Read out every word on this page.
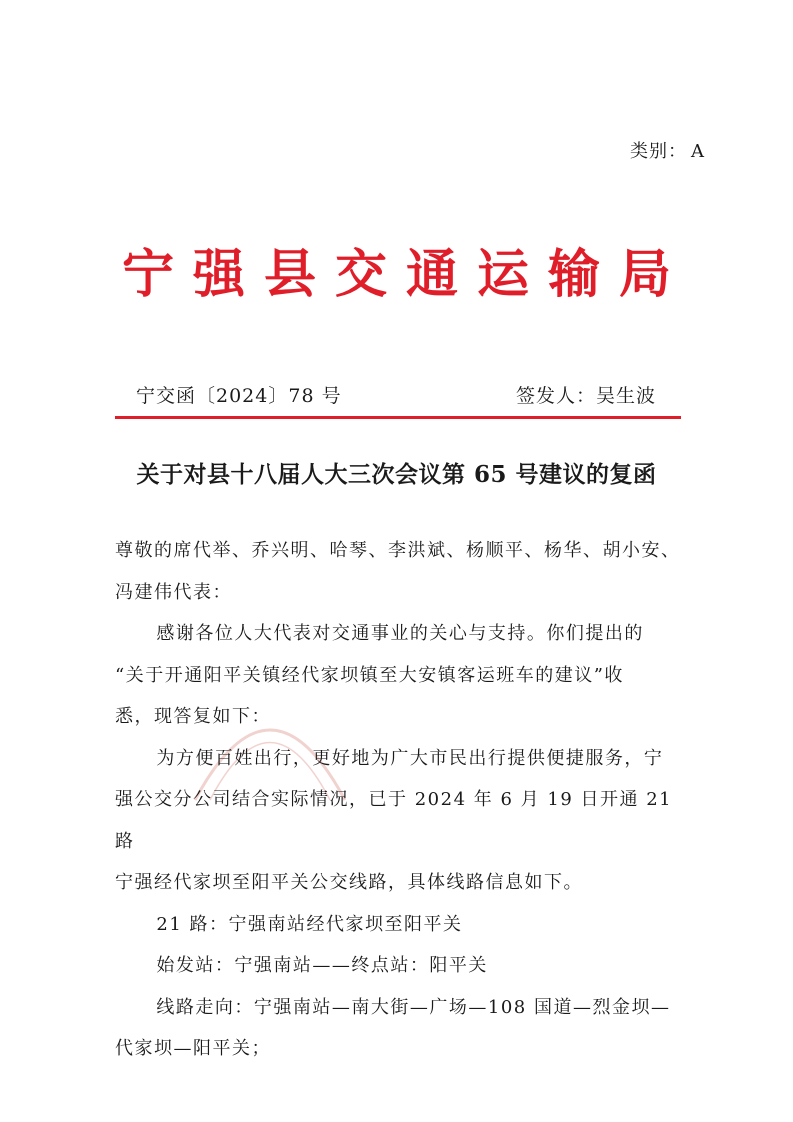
类别： A
宁强县交通运输局
宁交函〔2024〕78 号	签发人：吴生波
关于对县十八届人大三次会议第 65 号建议的复函

尊敬的席代举、乔兴明、哈琴、李洪斌、杨顺平、杨华、胡小安、

冯建伟代表：

感谢各位人大代表对交通事业的关心与支持。你们提出的

“关于开通阳平关镇经代家坝镇至大安镇客运班车的建议”收

悉，现答复如下：

为方便百姓出行，更好地为广大市民出行提供便捷服务，宁

强公交分公司结合实际情况，已于 2024 年 6 月 19 日开通 21 路

宁强经代家坝至阳平关公交线路，具体线路信息如下。

21 路：宁强南站经代家坝至阳平关

始发站：宁强南站——终点站：阳平关

线路走向：宁强南站—南大街—广场—108 国道—烈金坝—

代家坝—阳平关；
